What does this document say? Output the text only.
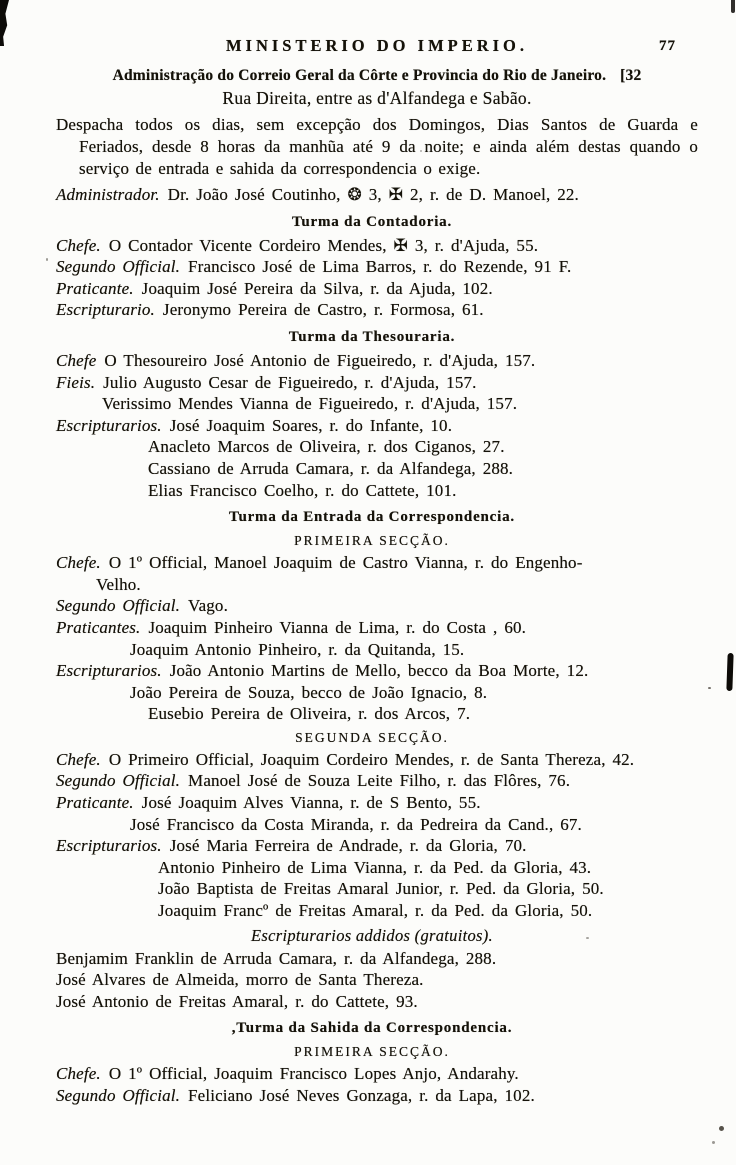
MINISTERIO DO IMPERIO.	77
Administração do Correio Geral da Côrte e Provincia do Rio de Janeiro. [32
Rua Direita, entre as d'Alfandega e Sabão.
Despacha todos os dias, sem excepção dos Domingos, Dias Santos de Guarda e Feriados, desde 8 horas da manhũa até 9 da noite; e ainda além destas quando o serviço de entrada e sahida da correspondencia o exige.
Administrador. Dr. João José Coutinho, ❂ 3, ✠ 2, r. de D. Manoel, 22.
Turma da Contadoria.
Chefe. O Contador Vicente Cordeiro Mendes, ✠ 3, r. d'Ajuda, 55.
Segundo Official. Francisco José de Lima Barros, r. do Rezende, 91 F.
Praticante. Joaquim José Pereira da Silva, r. da Ajuda, 102.
Escripturario. Jeronymo Pereira de Castro, r. Formosa, 61.
Turma da Thesouraria.
Chefe O Thesoureiro José Antonio de Figueiredo, r. d'Ajuda, 157.
Fieis. Julio Augusto Cesar de Figueiredo, r. d'Ajuda, 157.
Verissimo Mendes Vianna de Figueiredo, r. d'Ajuda, 157.
Escripturarios. José Joaquim Soares, r. do Infante, 10.
Anacleto Marcos de Oliveira, r. dos Ciganos, 27.
Cassiano de Arruda Camara, r. da Alfandega, 288.
Elias Francisco Coelho, r. do Cattete, 101.
Turma da Entrada da Correspondencia.
PRIMEIRA SECÇÃO.
Chefe. O 1º Official, Manoel Joaquim de Castro Vianna, r. do Engenho-
Velho.
Segundo Official. Vago.
Praticantes. Joaquim Pinheiro Vianna de Lima, r. do Costa , 60.
Joaquim Antonio Pinheiro, r. da Quitanda, 15.
Escripturarios. João Antonio Martins de Mello, becco da Boa Morte, 12.
João Pereira de Souza, becco de João Ignacio, 8.
Eusebio Pereira de Oliveira, r. dos Arcos, 7.
SEGUNDA SECÇÃO.
Chefe. O Primeiro Official, Joaquim Cordeiro Mendes, r. de Santa Thereza, 42.
Segundo Official. Manoel José de Souza Leite Filho, r. das Flôres, 76.
Praticante. José Joaquim Alves Vianna, r. de S Bento, 55.
José Francisco da Costa Miranda, r. da Pedreira da Cand., 67.
Escripturarios. José Maria Ferreira de Andrade, r. da Gloria, 70.
Antonio Pinheiro de Lima Vianna, r. da Ped. da Gloria, 43.
João Baptista de Freitas Amaral Junior, r. Ped. da Gloria, 50.
Joaquim Francº de Freitas Amaral, r. da Ped. da Gloria, 50.
Escripturarios addidos (gratuitos).
Benjamim Franklin de Arruda Camara, r. da Alfandega, 288.
José Alvares de Almeida, morro de Santa Thereza.
José Antonio de Freitas Amaral, r. do Cattete, 93.
,Turma da Sahida da Correspondencia.
PRIMEIRA SECÇÃO.
Chefe. O 1º Official, Joaquim Francisco Lopes Anjo, Andarahy.
Segundo Official. Feliciano José Neves Gonzaga, r. da Lapa, 102.
